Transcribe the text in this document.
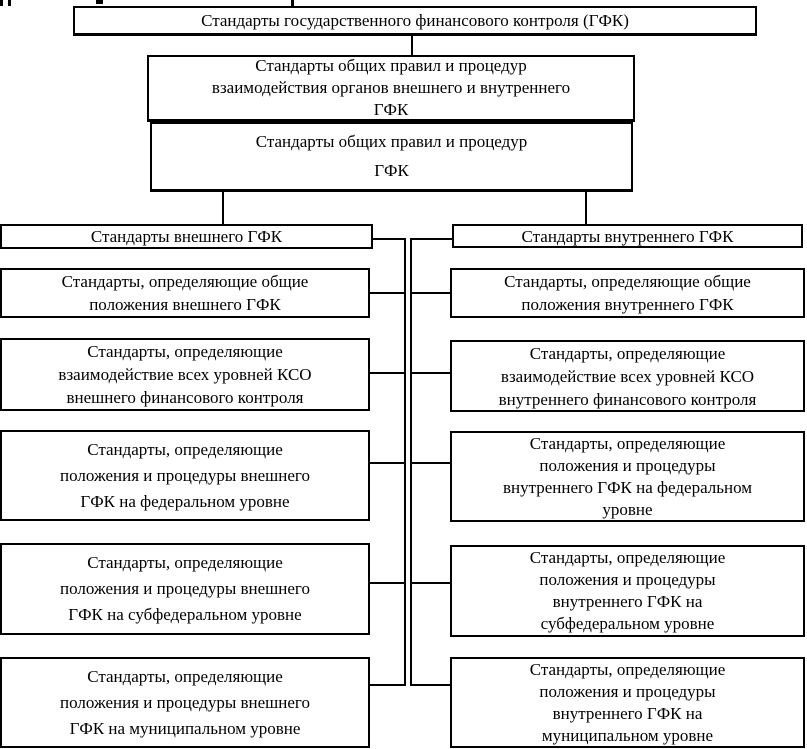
Стандарты государственного финансового контроля (ГФК)
Стандарты общих правил и процедур
взаимодействия органов внешнего и внутреннего
ГФК
Стандарты общих правил и процедур
ГФК
Стандарты внешнего ГФК	Стандарты внутреннего ГФК
Стандарты, определяющие общие
положения внешнего ГФК
Стандарты, определяющие
взаимодействие всех уровней КСО
внешнего финансового контроля
Стандарты, определяющие
положения и процедуры внешнего
ГФК на федеральном уровне
Стандарты, определяющие
положения и процедуры внешнего
ГФК на субфедеральном уровне
Стандарты, определяющие
положения и процедуры внешнего
ГФК на муниципальном уровне
Стандарты, определяющие общие
положения внутреннего ГФК
Стандарты, определяющие
взаимодействие всех уровней КСО
внутреннего финансового контроля
Стандарты, определяющие
положения и процедуры
внутреннего ГФК на федеральном
уровне
Стандарты, определяющие
положения и процедуры
внутреннего ГФК на
субфедеральном уровне
Стандарты, определяющие
положения и процедуры
внутреннего ГФК на
муниципальном уровне
